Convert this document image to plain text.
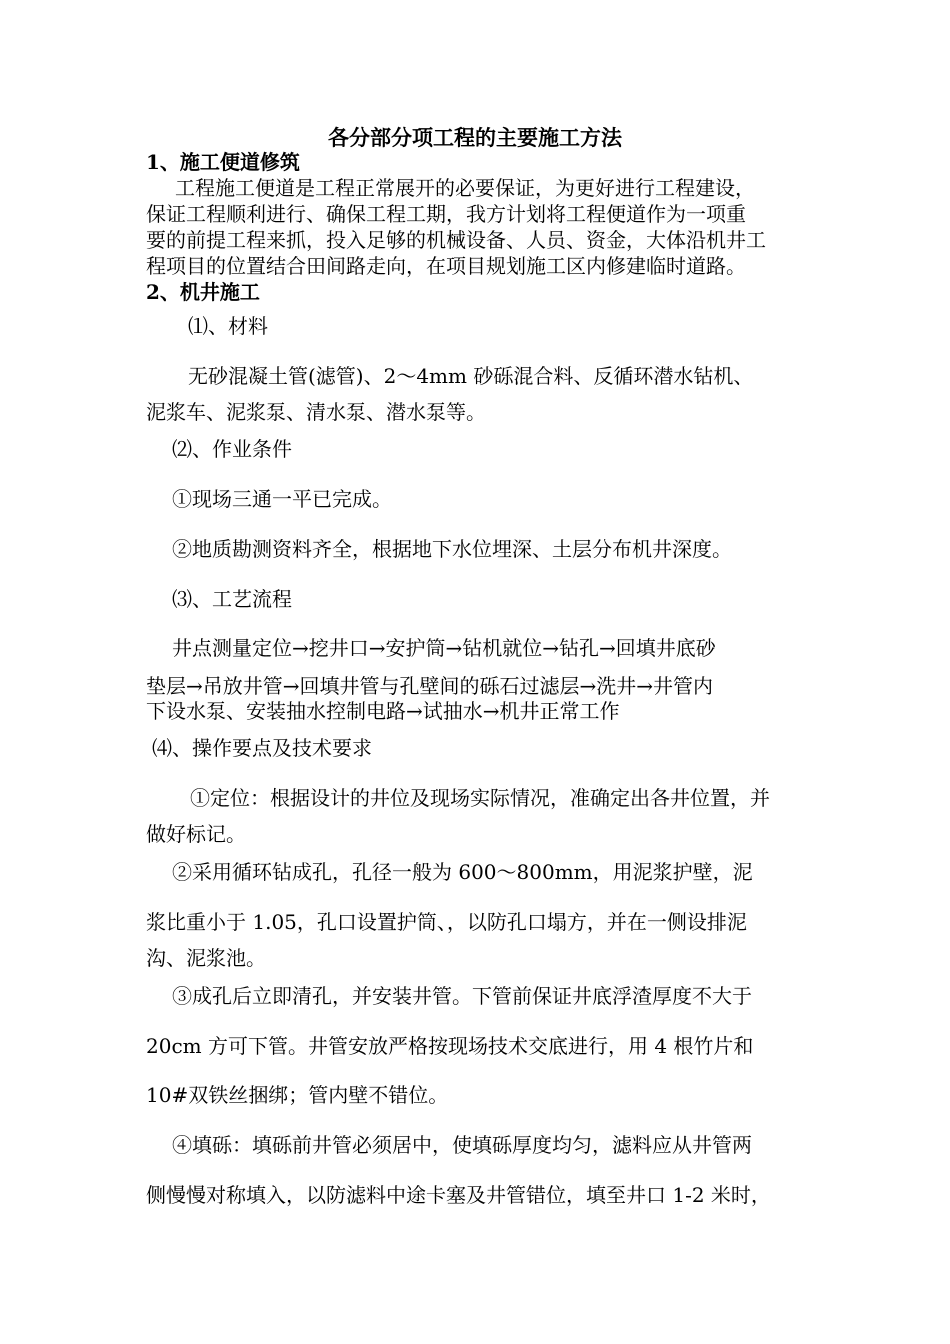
各分部分项工程的主要施工方法
1、施工便道修筑
工程施工便道是工程正常展开的必要保证，为更好进行工程建设，
保证工程顺利进行、确保工程工期，我方计划将工程便道作为一项重
要的前提工程来抓，投入足够的机械设备、人员、资金，大体沿机井工
程项目的位置结合田间路走向，在项目规划施工区内修建临时道路。
2、机井施工
⑴、材料
无砂混凝土管(滤管)、2～4mm 砂砾混合料、反循环潜水钻机、
泥浆车、泥浆泵、清水泵、潜水泵等。
⑵、作业条件
①现场三通一平已完成。
②地质勘测资料齐全，根据地下水位埋深、土层分布机井深度。
⑶、工艺流程
井点测量定位→挖井口→安护筒→钻机就位→钻孔→回填井底砂
垫层→吊放井管→回填井管与孔壁间的砾石过滤层→洗井→井管内
下设水泵、安装抽水控制电路→试抽水→机井正常工作
⑷、操作要点及技术要求
①定位：根据设计的井位及现场实际情况，准确定出各井位置，并
做好标记。
②采用循环钻成孔，孔径一般为 600～800mm，用泥浆护壁，泥
浆比重小于 1.05，孔口设置护筒、，以防孔口塌方，并在一侧设排泥
沟、泥浆池。
③成孔后立即清孔，并安装井管。下管前保证井底浮渣厚度不大于
20cm 方可下管。井管安放严格按现场技术交底进行，用 4 根竹片和
10#双铁丝捆绑；管内壁不错位。
④填砾：填砾前井管必须居中，使填砾厚度均匀，滤料应从井管两
侧慢慢对称填入，以防滤料中途卡塞及井管错位，填至井口 1-2 米时，
